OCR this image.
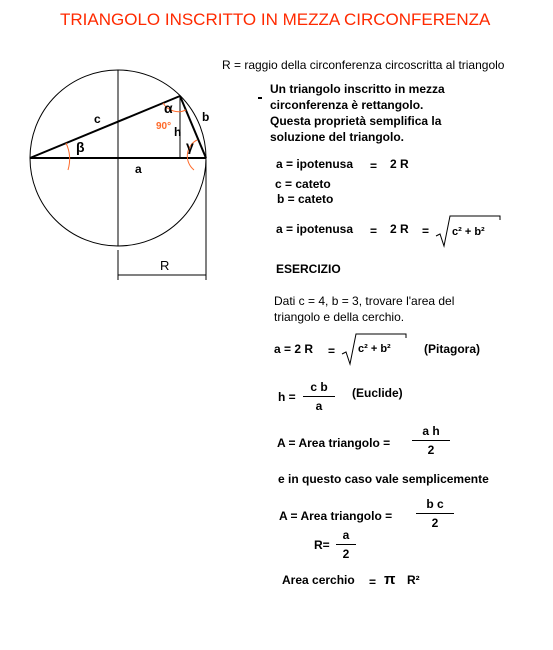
TRIANGOLO INSCRITTO IN MEZZA CIRCONFERENZA
c	b
a
h
α
β	γ
90°
R
R = raggio della circonferenza circoscritta al triangolo
Un triangolo inscritto in mezza
circonferenza è rettangolo.
Questa proprietà semplifica la
soluzione del triangolo.
a = ipotenusa = 2 R
c = cateto
b = cateto
a = ipotenusa = 2 R = c² + b²
ESERCIZIO
Dati c = 4, b = 3, trovare l'area del
triangolo e della cerchio.
a = 2 R = c² + b²	(Pitagora)
h =
c b
a
(Euclide)
A = Area triangolo =
a h
2
e in questo caso vale semplicemente
A = Area triangolo =
b c
2
R=
a
2
Area cerchio = π R²
